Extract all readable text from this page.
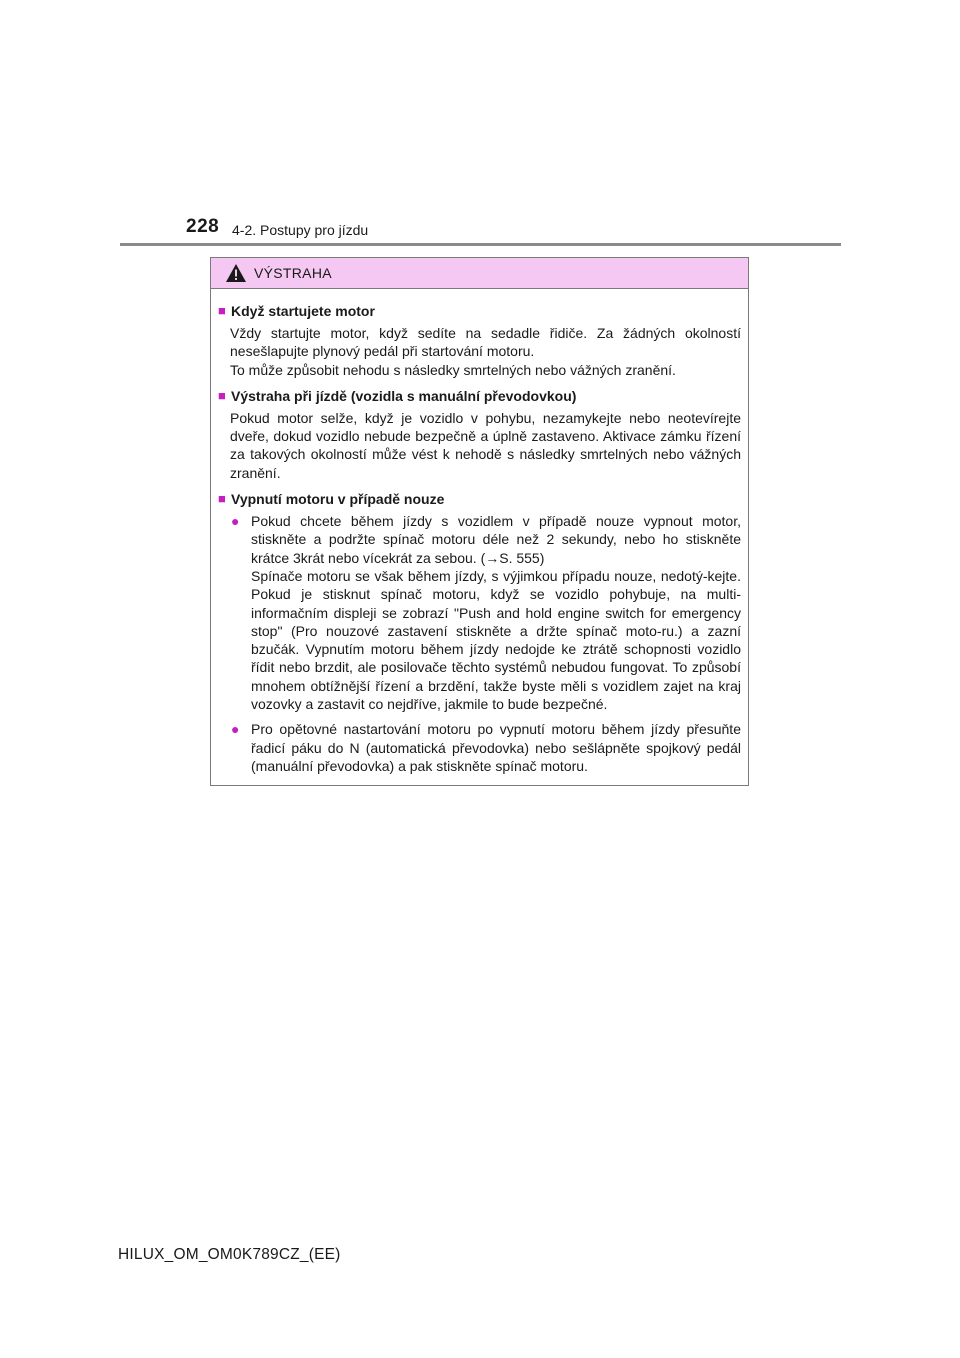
228 4-2. Postupy pro jízdu
VÝSTRAHA
■ Když startujete motor

Vždy startujte motor, když sedíte na sedadle řidiče. Za žádných okolností nesešlapujte plynový pedál při startování motoru.

To může způsobit nehodu s následky smrtelných nebo vážných zranění.

■ Výstraha při jízdě (vozidla s manuální převodovkou)

Pokud motor selže, když je vozidlo v pohybu, nezamykejte nebo neotevírejte dveře, dokud vozidlo nebude bezpečně a úplně zastaveno. Aktivace zámku řízení za takových okolností může vést k nehodě s následky smrtelných nebo vážných zranění.

■ Vypnutí motoru v případě nouze
● Pokud chcete během jízdy s vozidlem v případě nouze vypnout motor, stiskněte a podržte spínač motoru déle než 2 sekundy, nebo ho stiskněte krátce 3krát nebo vícekrát za sebou. (→S. 555)

Spínače motoru se však během jízdy, s výjimkou případu nouze, nedotý-kejte. Pokud je stisknut spínač motoru, když se vozidlo pohybuje, na multi-informačním displeji se zobrazí "Push and hold engine switch for emergency stop" (Pro nouzové zastavení stiskněte a držte spínač moto-ru.) a zazní bzučák. Vypnutím motoru během jízdy nedojde ke ztrátě schopnosti vozidlo řídit nebo brzdit, ale posilovače těchto systémů nebudou fungovat. To způsobí mnohem obtížnější řízení a brzdění, takže byste měli s vozidlem zajet na kraj vozovky a zastavit co nejdříve, jakmile to bude bezpečné.

● Pro opětovné nastartování motoru po vypnutí motoru během jízdy přesuňte řadicí páku do N (automatická převodovka) nebo sešlápněte spojkový pedál (manuální převodovka) a pak stiskněte spínač motoru.

HILUX_OM_OM0K789CZ_(EE)
